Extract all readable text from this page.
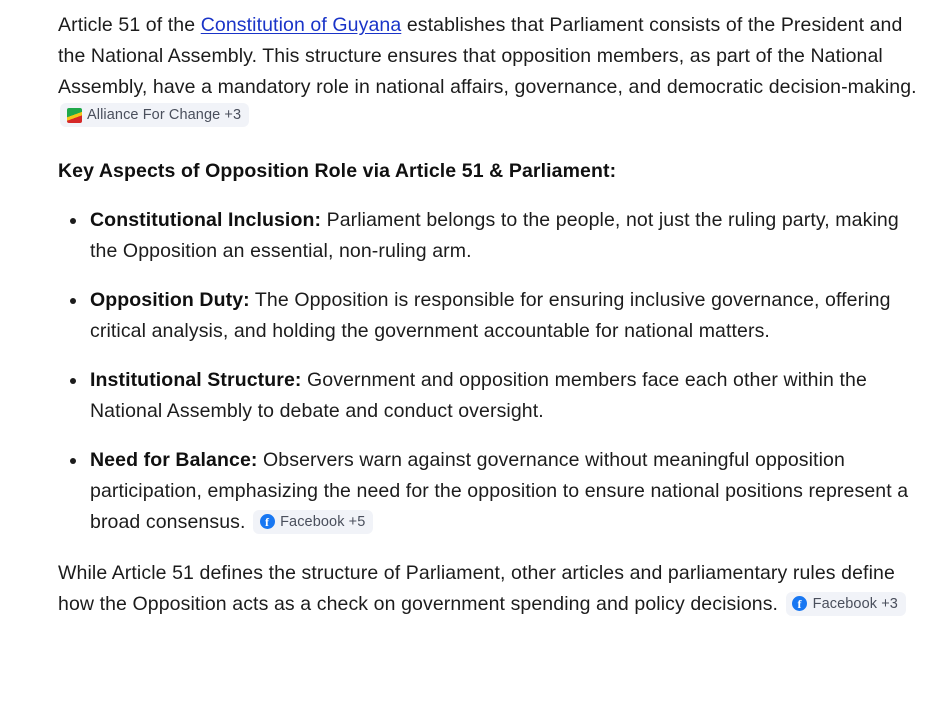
Article 51 of the Constitution of Guyana establishes that Parliament consists of the President and the National Assembly. This structure ensures that opposition members, as part of the National Assembly, have a mandatory role in national affairs, governance, and democratic decision-making.
Alliance For Change +3

Key Aspects of Opposition Role via Article 51 & Parliament:
Constitutional Inclusion: Parliament belongs to the people, not just the ruling party, making the Opposition an essential, non-ruling arm.
Opposition Duty: The Opposition is responsible for ensuring inclusive governance, offering critical analysis, and holding the government accountable for national matters.
Institutional Structure: Government and opposition members face each other within the National Assembly to debate and conduct oversight.
Need for Balance: Observers warn against governance without meaningful opposition participation, emphasizing the need for the opposition to ensure national positions represent a broad consensus.	f Facebook +5

While Article 51 defines the structure of Parliament, other articles and parliamentary rules define how the Opposition acts as a check on government spending and policy decisions.	f Facebook +3
